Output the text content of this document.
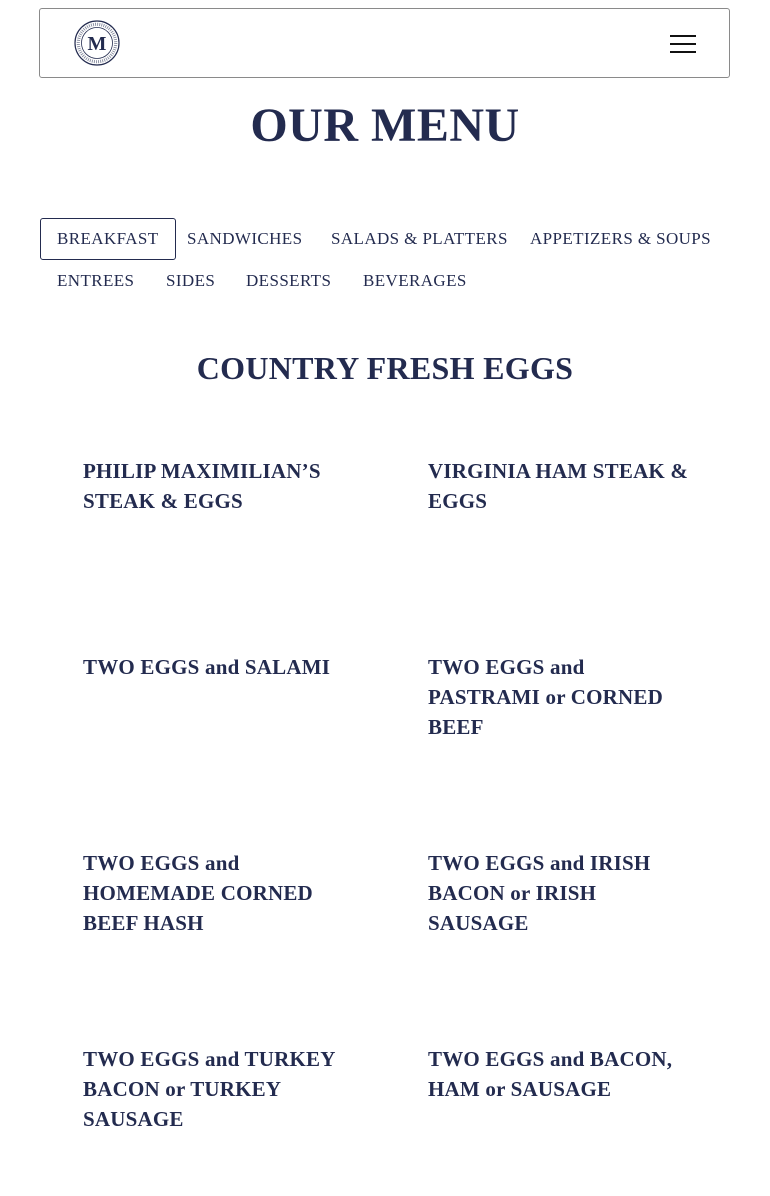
M
OUR MENU
BREAKFAST	SANDWICHES SALADS & PLATTERS APPETIZERS & SOUPS
ENTREES SIDES DESSERTS BEVERAGES
COUNTRY FRESH EGGS
PHILIP MAXIMILIAN’S STEAK & EGGS
VIRGINIA HAM STEAK & EGGS
TWO EGGS and SALAMI	TWO EGGS and PASTRAMI or CORNED BEEF
TWO EGGS and HOMEMADE CORNED BEEF HASH
TWO EGGS and IRISH BACON or IRISH SAUSAGE
TWO EGGS and TURKEY BACON or TURKEY SAUSAGE
TWO EGGS and BACON, HAM or SAUSAGE
